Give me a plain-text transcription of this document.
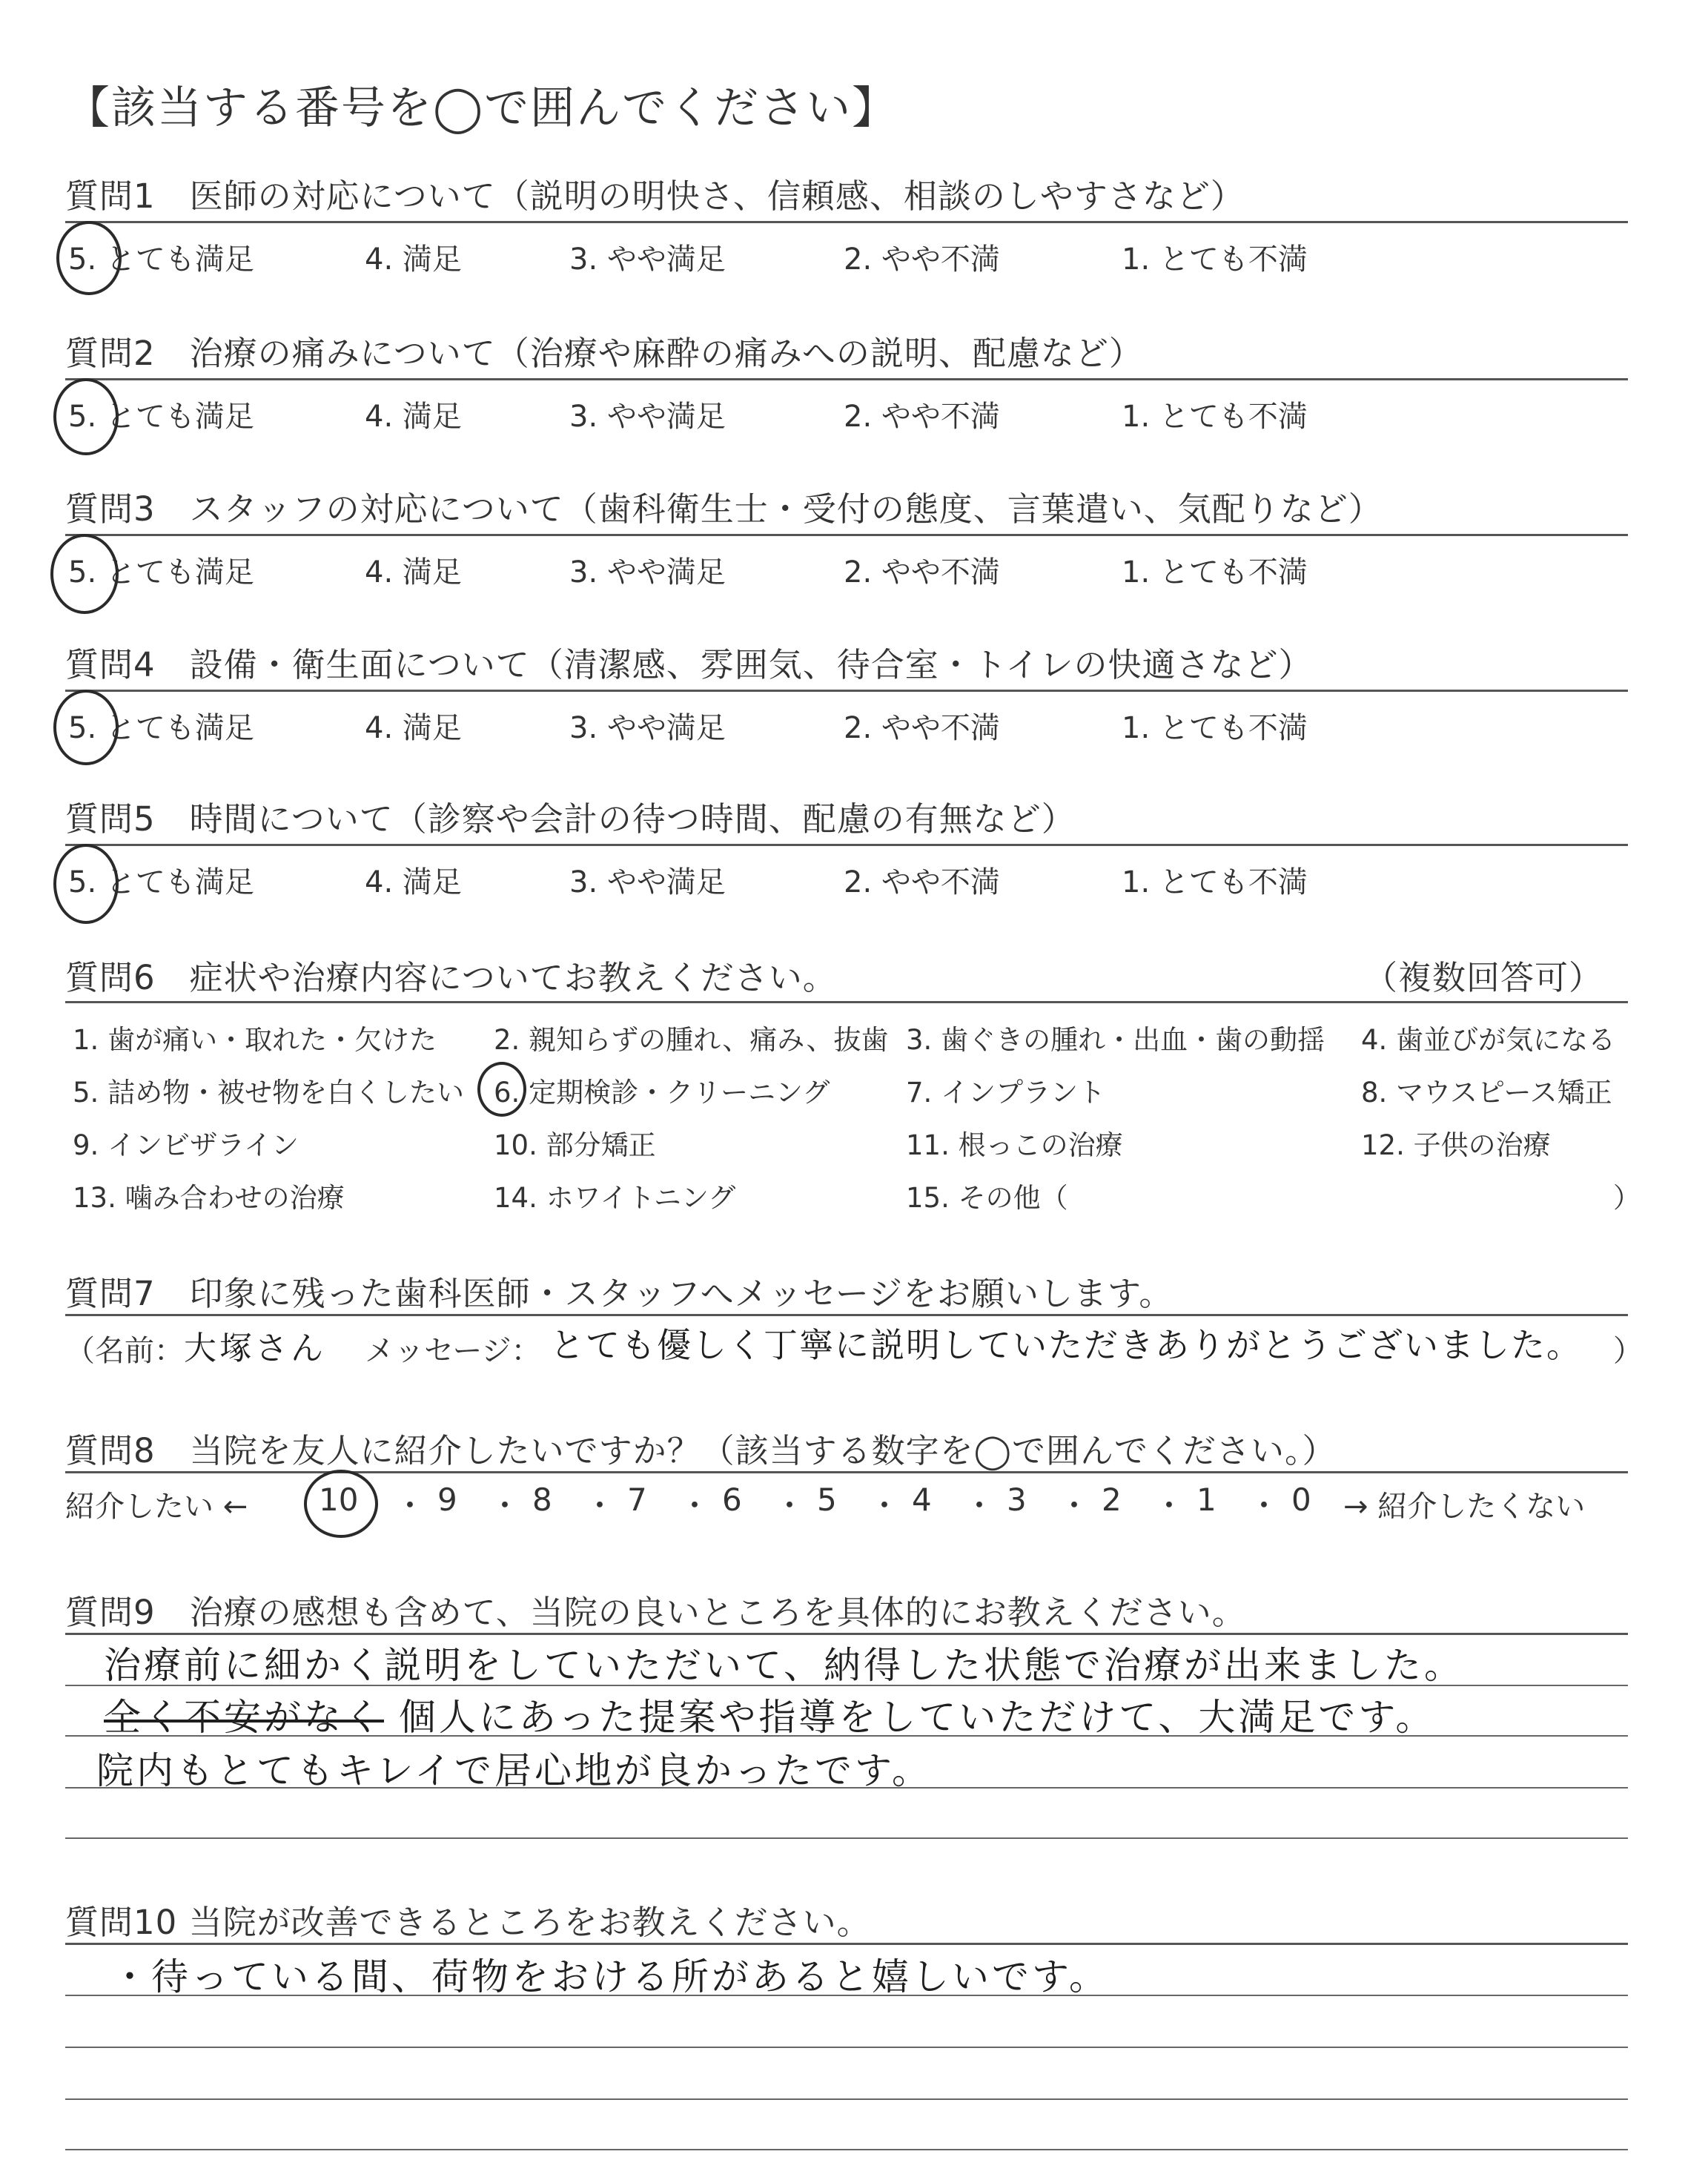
【該当する番号を◯で囲んでください】
質問1　医師の対応について（説明の明快さ、信頼感、相談のしやすさなど）
5. とても満足	4. 満足	3. やや満足	2. やや不満	1. とても不満
質問2　治療の痛みについて（治療や麻酔の痛みへの説明、配慮など）
5. とても満足	4. 満足	3. やや満足	2. やや不満	1. とても不満
質問3　スタッフの対応について（歯科衛生士・受付の態度、言葉遣い、気配りなど）
5. とても満足	4. 満足	3. やや満足	2. やや不満	1. とても不満
質問4　設備・衛生面について（清潔感、雰囲気、待合室・トイレの快適さなど）
5. とても満足	4. 満足	3. やや満足	2. やや不満	1. とても不満
質問5　時間について（診察や会計の待つ時間、配慮の有無など）
5. とても満足	4. 満足	3. やや満足	2. やや不満	1. とても不満
質問6　症状や治療内容についてお教えください。	（複数回答可）
1. 歯が痛い・取れた・欠けた 2. 親知らずの腫れ、痛み、抜歯 3. 歯ぐきの腫れ・出血・歯の動揺 4. 歯並びが気になる
5. 詰め物・被せ物を白くしたい 6. 定期検診・クリーニング	7. インプラント	8. マウスピース矯正
9. インビザライン	10. 部分矯正	11. 根っこの治療	12. 子供の治療
13. 噛み合わせの治療	14. ホワイトニング	15. その他（	）
質問7　印象に残った歯科医師・スタッフへメッセージをお願いします。
（名前： 大塚さん メッセージ： とても優しく丁寧に説明していただきありがとうございました。 ）
質問8　当院を友人に紹介したいですか？（該当する数字を◯で囲んでください。）
紹介したい ← 10 ・ 9 ・ 8 ・ 7 ・ 6 ・ 5 ・ 4 ・ 3 ・ 2 ・ 1 ・ 0 → 紹介したくない
質問9　治療の感想も含めて、当院の良いところを具体的にお教えください。
治療前に細かく説明をしていただいて、納得した状態で治療が出来ました。
全く不安がなく 個人にあった提案や指導をしていただけて、大満足です。
院内もとてもキレイで居心地が良かったです。
質問10 当院が改善できるところをお教えください。
・待っている間、荷物をおける所があると嬉しいです。
